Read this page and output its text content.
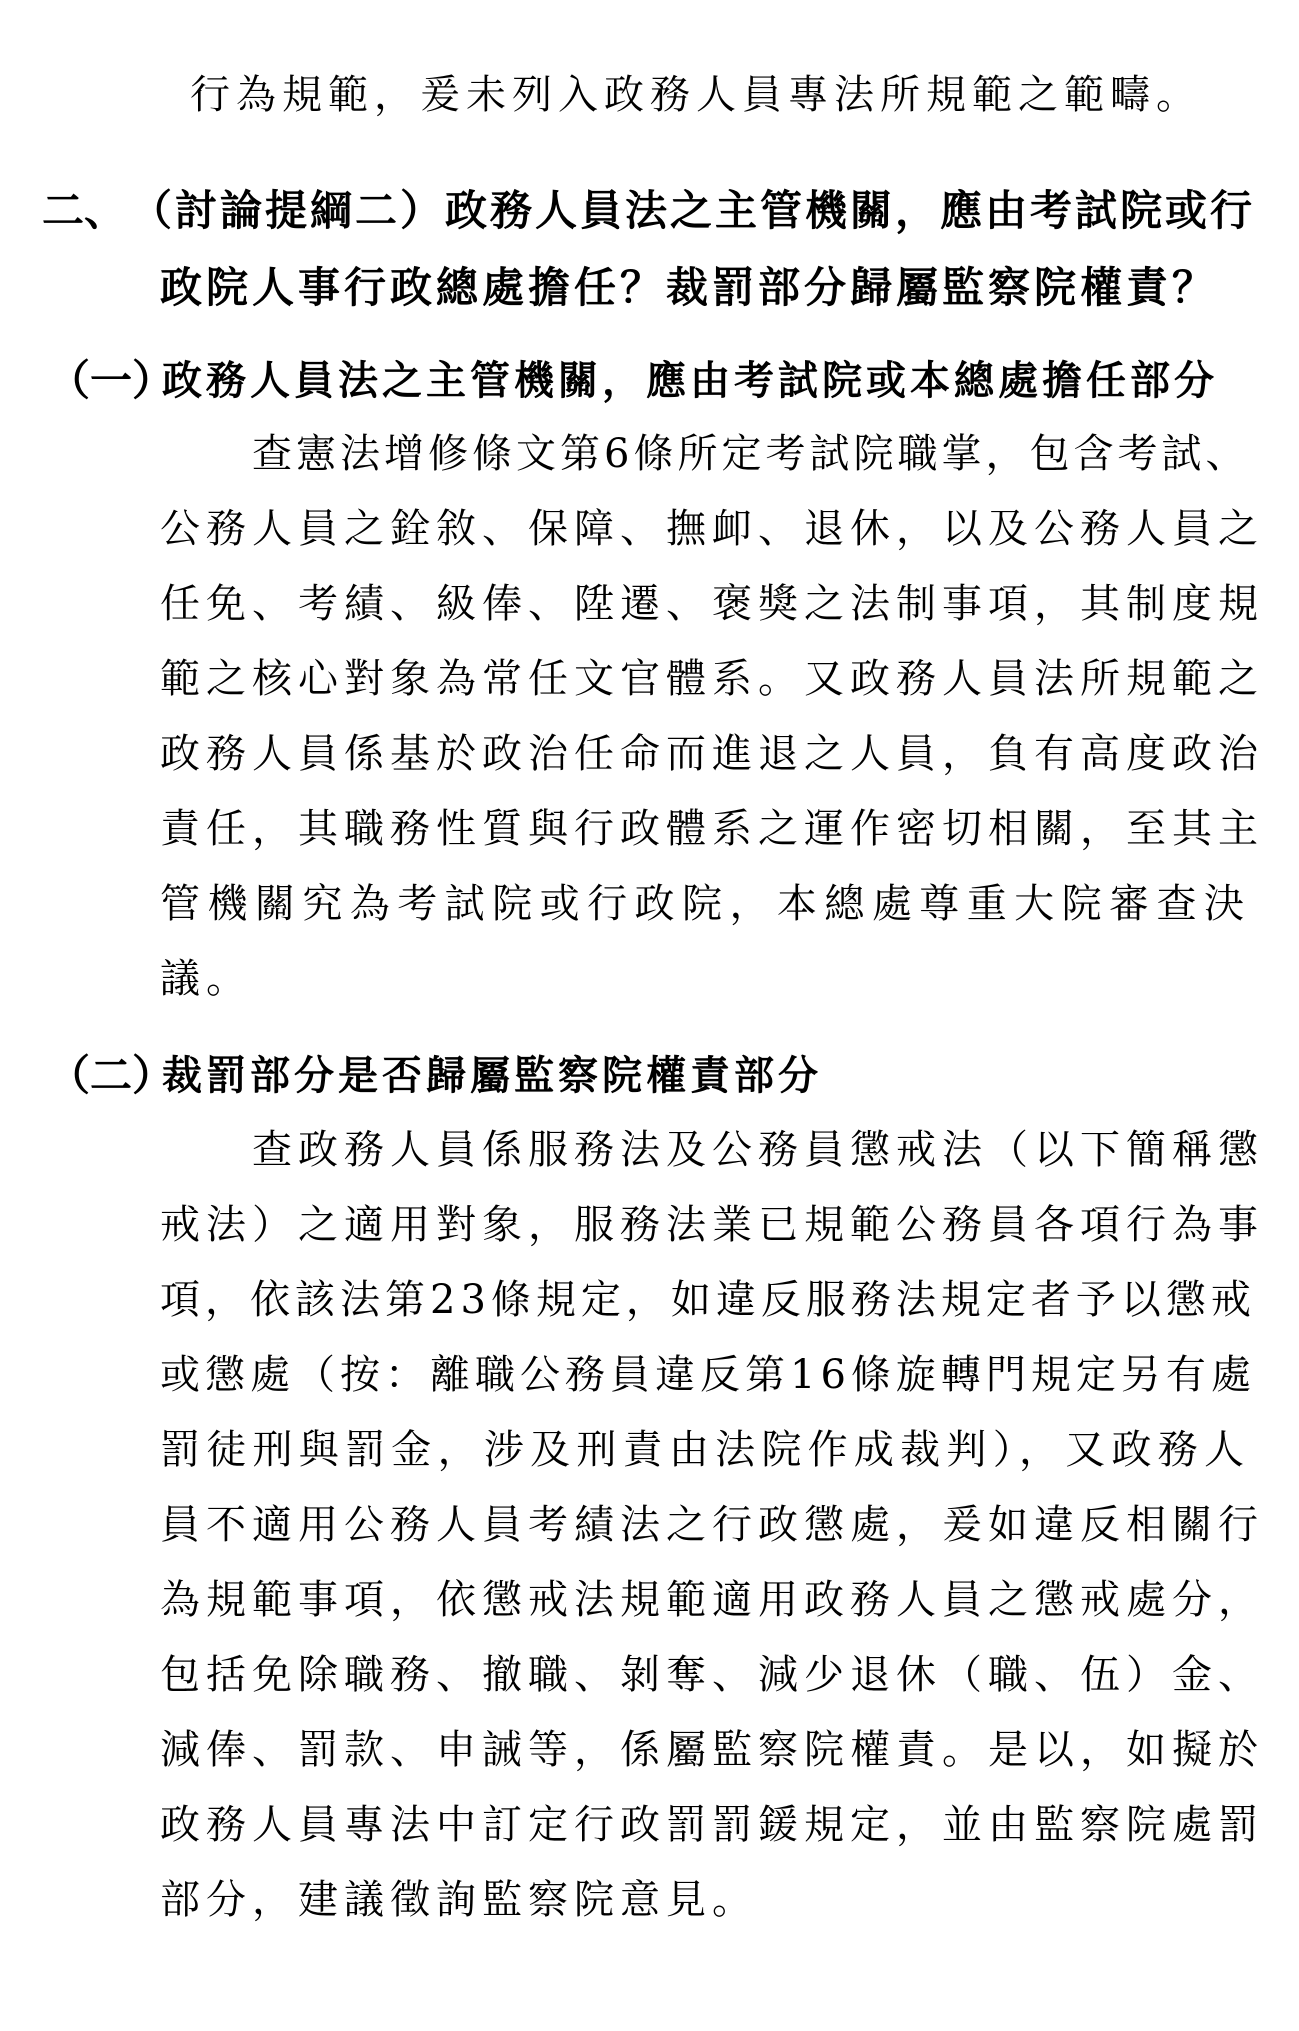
行為規範，爰未列入政務人員專法所規範之範疇。
二、 （討論提綱二）政務人員法之主管機關，應由考試院或行
政院人事行政總處擔任？裁罰部分歸屬監察院權責？
（一）
政務人員法之主管機關，應由考試院或本總處擔任部分
查憲法增修條文第6條所定考試院職掌，包含考試、
公務人員之銓敘、保障、撫卹、退休，以及公務人員之
任免、考績、級俸、陞遷、褒獎之法制事項，其制度規
範之核心對象為常任文官體系。又政務人員法所規範之
政務人員係基於政治任命而進退之人員，負有高度政治
責任，其職務性質與行政體系之運作密切相關，至其主
管機關究為考試院或行政院，本總處尊重大院審查決
議。
（二）
裁罰部分是否歸屬監察院權責部分
查政務人員係服務法及公務員懲戒法（以下簡稱懲
戒法）之適用對象，服務法業已規範公務員各項行為事
項，依該法第23條規定，如違反服務法規定者予以懲戒
或懲處（按：離職公務員違反第16條旋轉門規定另有處
罰徒刑與罰金，涉及刑責由法院作成裁判），又政務人
員不適用公務人員考績法之行政懲處，爰如違反相關行
為規範事項，依懲戒法規範適用政務人員之懲戒處分，
包括免除職務、撤職、剝奪、減少退休（職、伍）金、
減俸、罰款、申誡等，係屬監察院權責。是以，如擬於
政務人員專法中訂定行政罰罰鍰規定，並由監察院處罰
部分，建議徵詢監察院意見。
